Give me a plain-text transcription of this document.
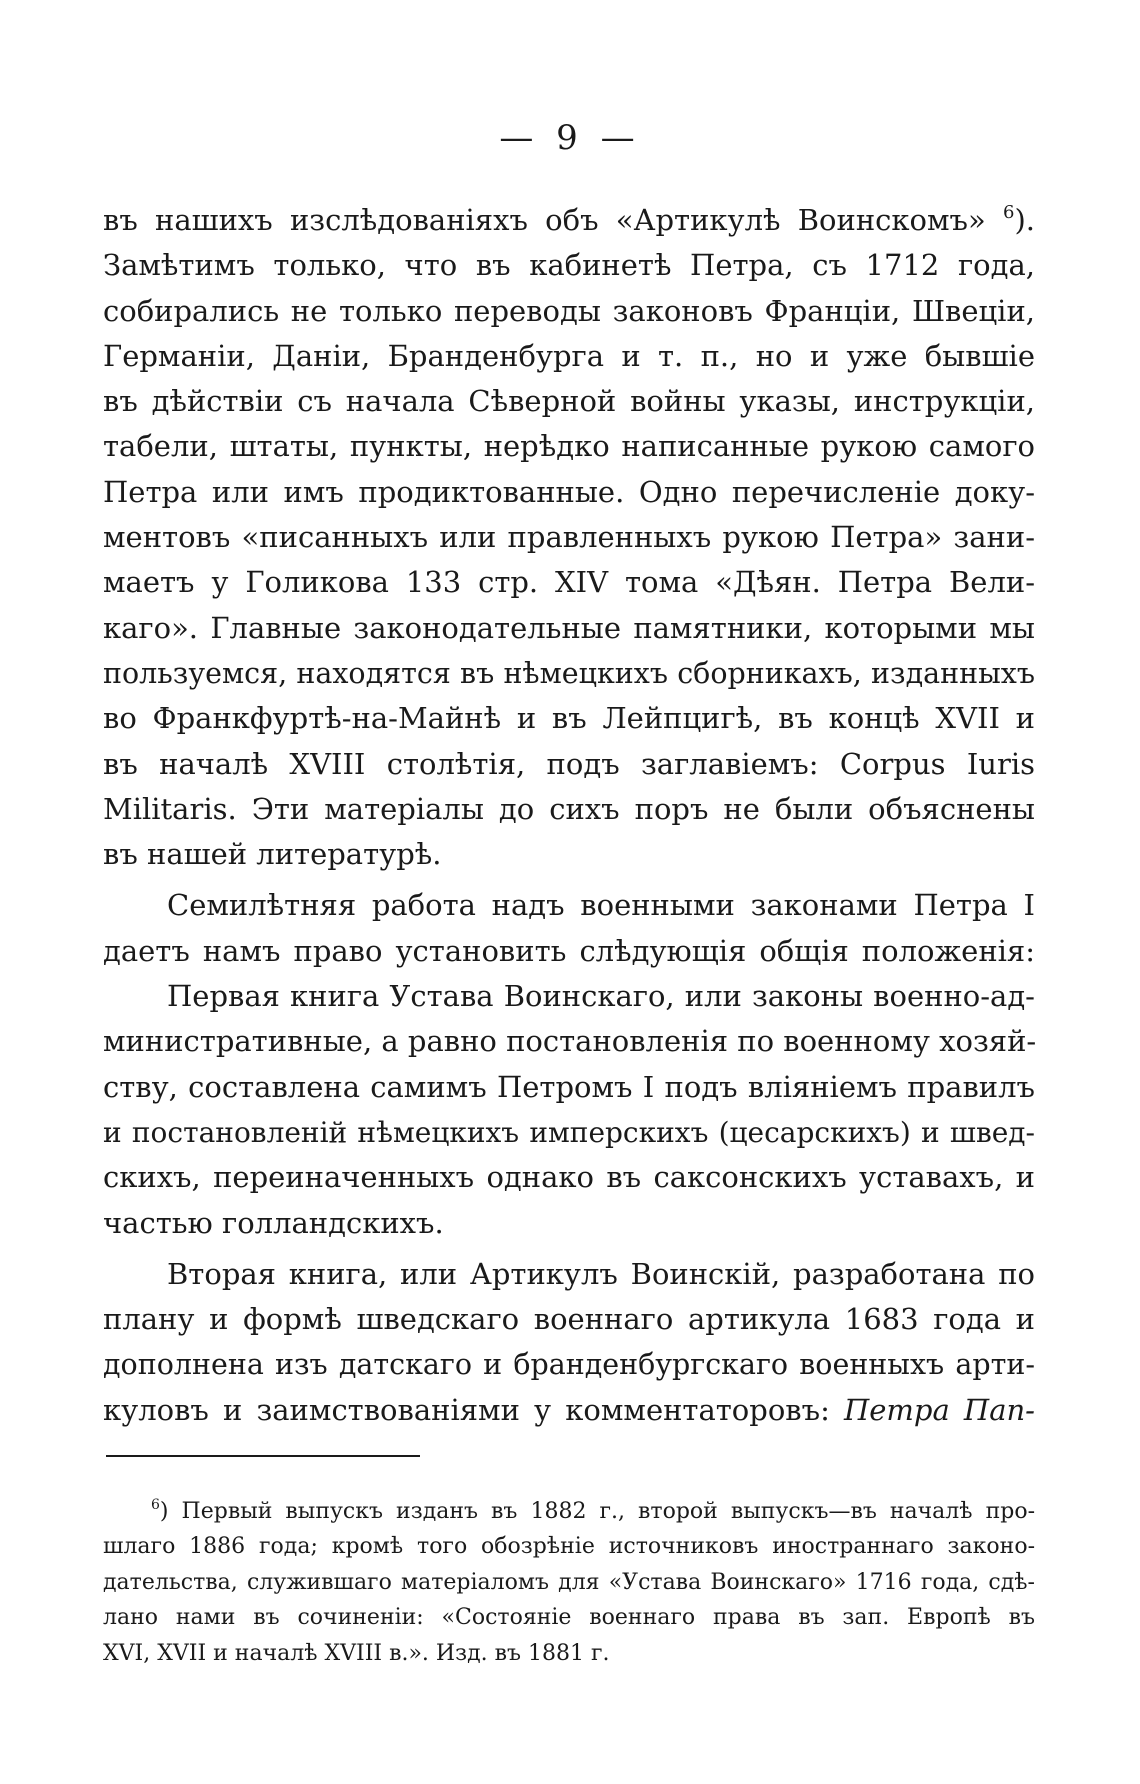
— 9 —
въ нашихъ изслѣдованіяхъ объ «Артикулѣ Воинскомъ» $^6$).
Замѣтимъ только, что въ кабинетѣ Петра, съ 1712 года,
собирались не только переводы законовъ Франціи, Швеціи,
Германіи, Даніи, Бранденбурга и т. п., но и уже бывшіе
въ дѣйствіи съ начала Сѣверной войны указы, инструкціи,
табели, штаты, пункты, нерѣдко написанные рукою самого
Петра или имъ продиктованные. Одно перечисленіе доку-
ментовъ «писанныхъ или правленныхъ рукою Петра» зани-
маетъ у Голикова 133 стр. XIV тома «Дѣян. Петра Вели-
каго». Главные законодательные памятники, которыми мы
пользуемся, находятся въ нѣмецкихъ сборникахъ, изданныхъ
во Франкфуртѣ-на-Майнѣ и въ Лейпцигѣ, въ концѣ XVII и
въ началѣ XVIII столѣтія, подъ заглавіемъ: Corpus Iuris
Militaris. Эти матеріалы до сихъ поръ не были объяснены
въ нашей литературѣ.
Семилѣтняя работа надъ военными законами Петра I
даетъ намъ право установить слѣдующія общія положенія:
Первая книга Устава Воинскаго, или законы военно-ад-
министративные, а равно постановленія по военному хозяй-
ству, составлена самимъ Петромъ I подъ вліяніемъ правилъ
и постановленій нѣмецкихъ имперскихъ (цесарскихъ) и швед-
скихъ, переиначенныхъ однако въ саксонскихъ уставахъ, и
частью голландскихъ.
Вторая книга, или Артикулъ Воинскій, разработана по
плану и формѣ шведскаго военнаго артикула 1683 года и
дополнена изъ датскаго и бранденбургскаго военныхъ арти-
куловъ и заимствованіями у комментаторовъ: Петра Пап-
$^6$) Первый выпускъ изданъ въ 1882 г., второй выпускъ—въ началѣ про-
шлаго 1886 года; кромѣ того обозрѣніе источниковъ иностраннаго законо-
дательства, служившаго матеріаломъ для «Устава Воинскаго» 1716 года, сдѣ-
лано нами въ сочиненіи: «Состояніе военнаго права въ зап. Европѣ въ
XVI, XVII и началѣ XVIII в.». Изд. въ 1881 г.
